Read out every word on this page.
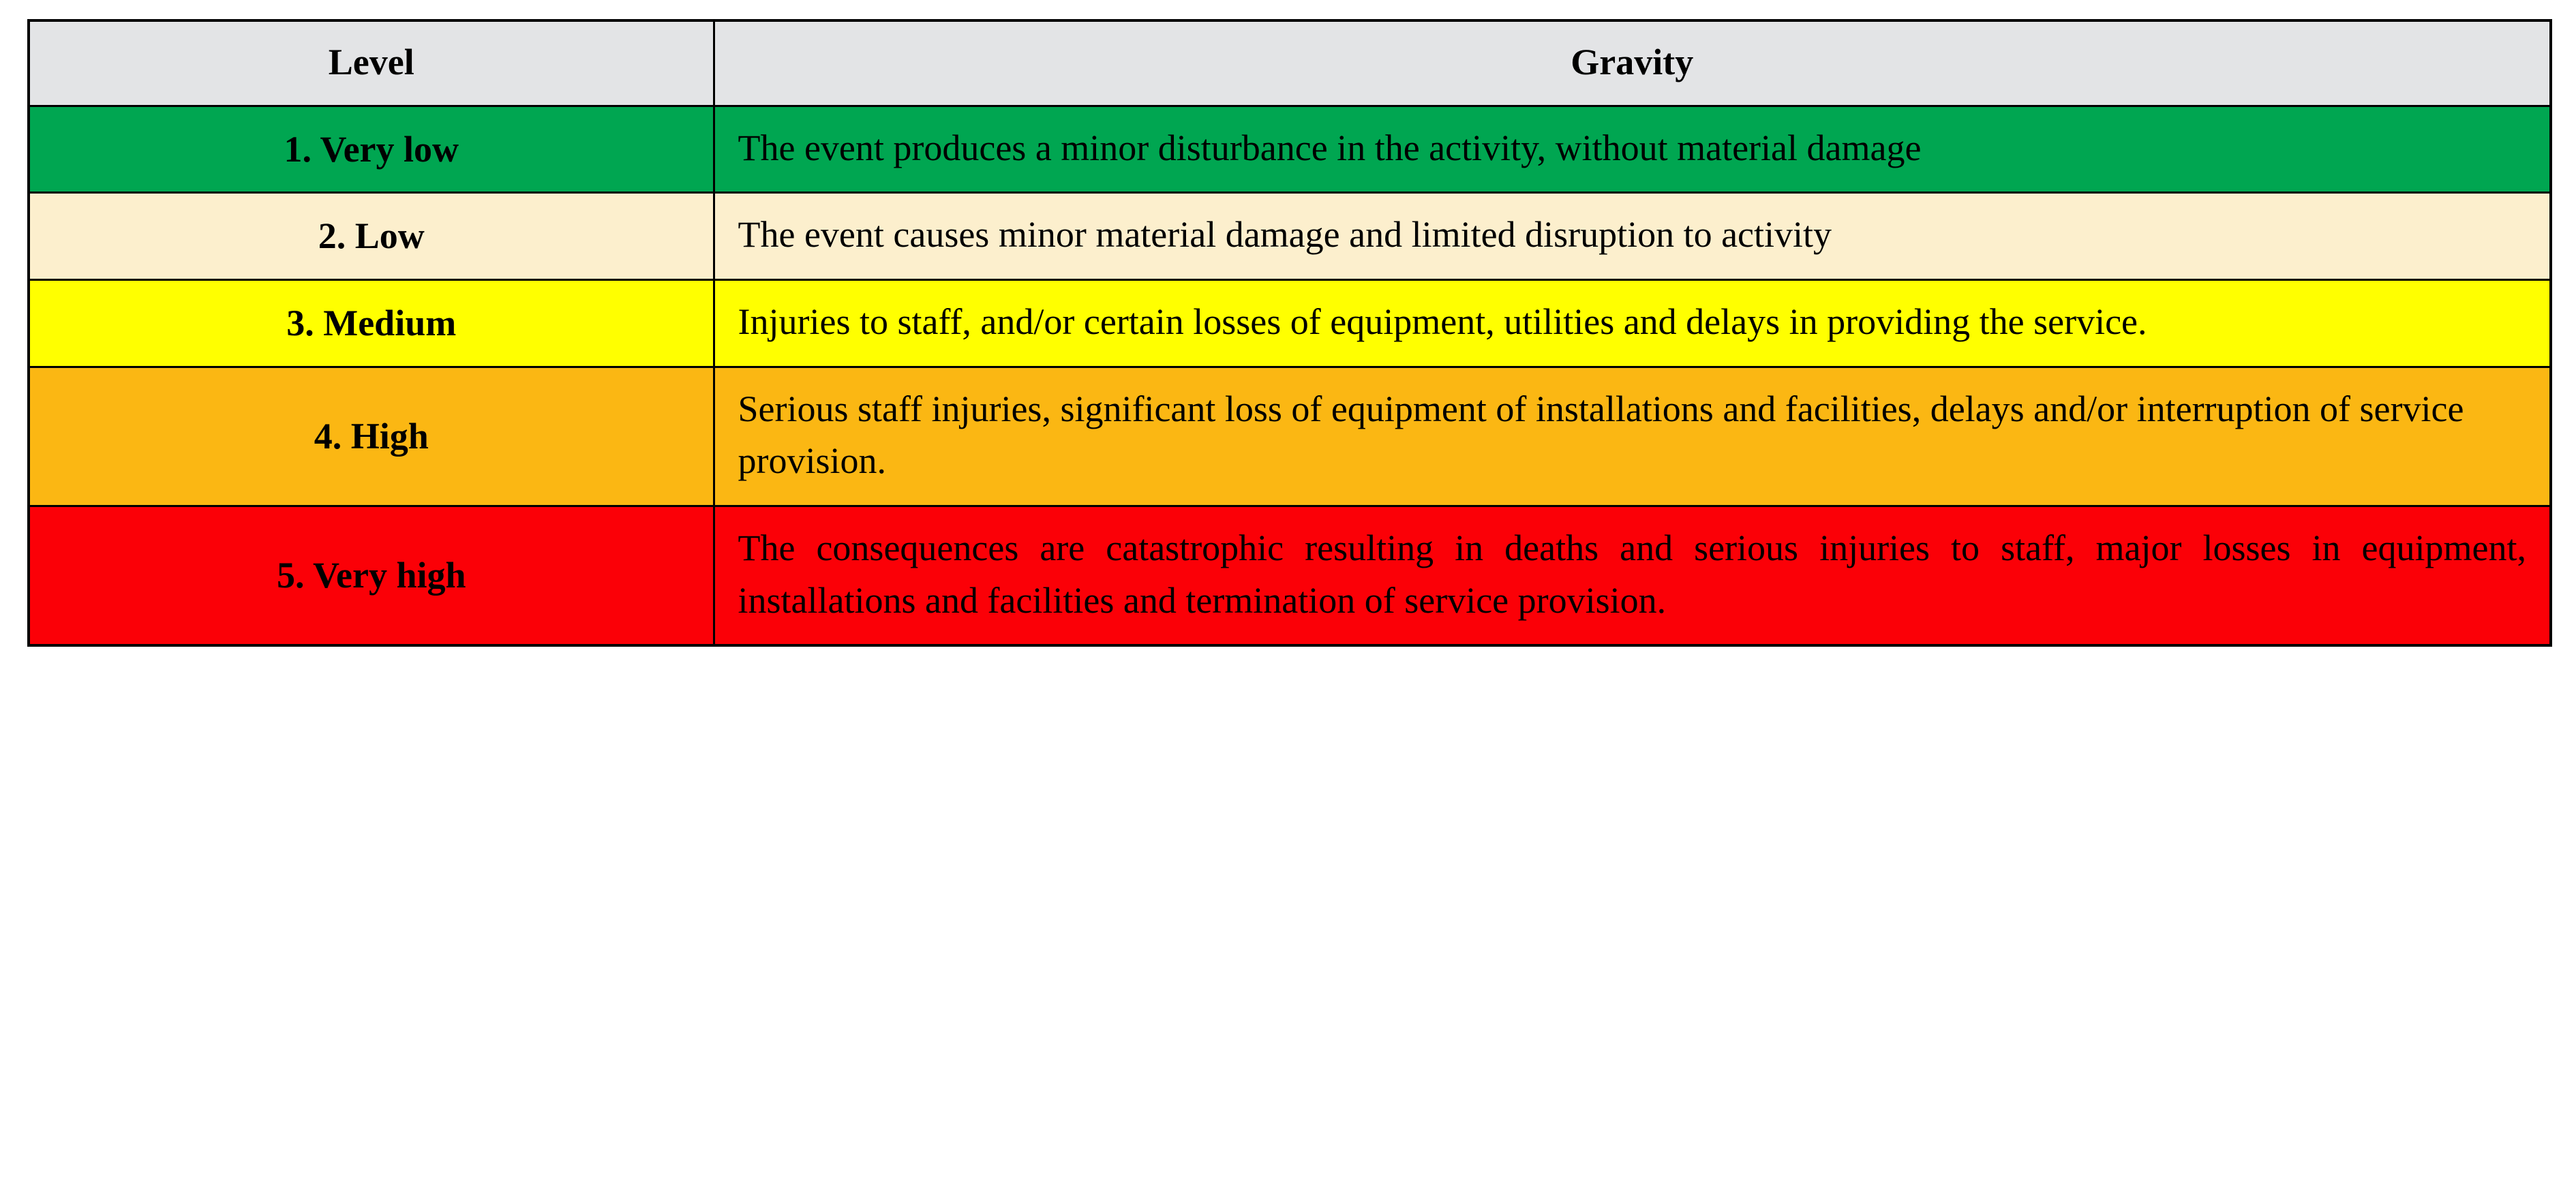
Level	Gravity
1. Very low	The event produces a minor disturbance in the activity, without material damage

2. Low	The event causes minor material damage and limited disruption to activity

3. Medium	Injuries to staff, and/or certain losses of equipment, utilities and delays in providing the service.

4. High	Serious staff injuries, significant loss of equipment of installations and facilities, delays and/or interruption of service provision.

5. Very high	The consequences are catastrophic resulting in deaths and serious injuries to staff, major losses in equipment, installations and facilities and termination of service provision.
